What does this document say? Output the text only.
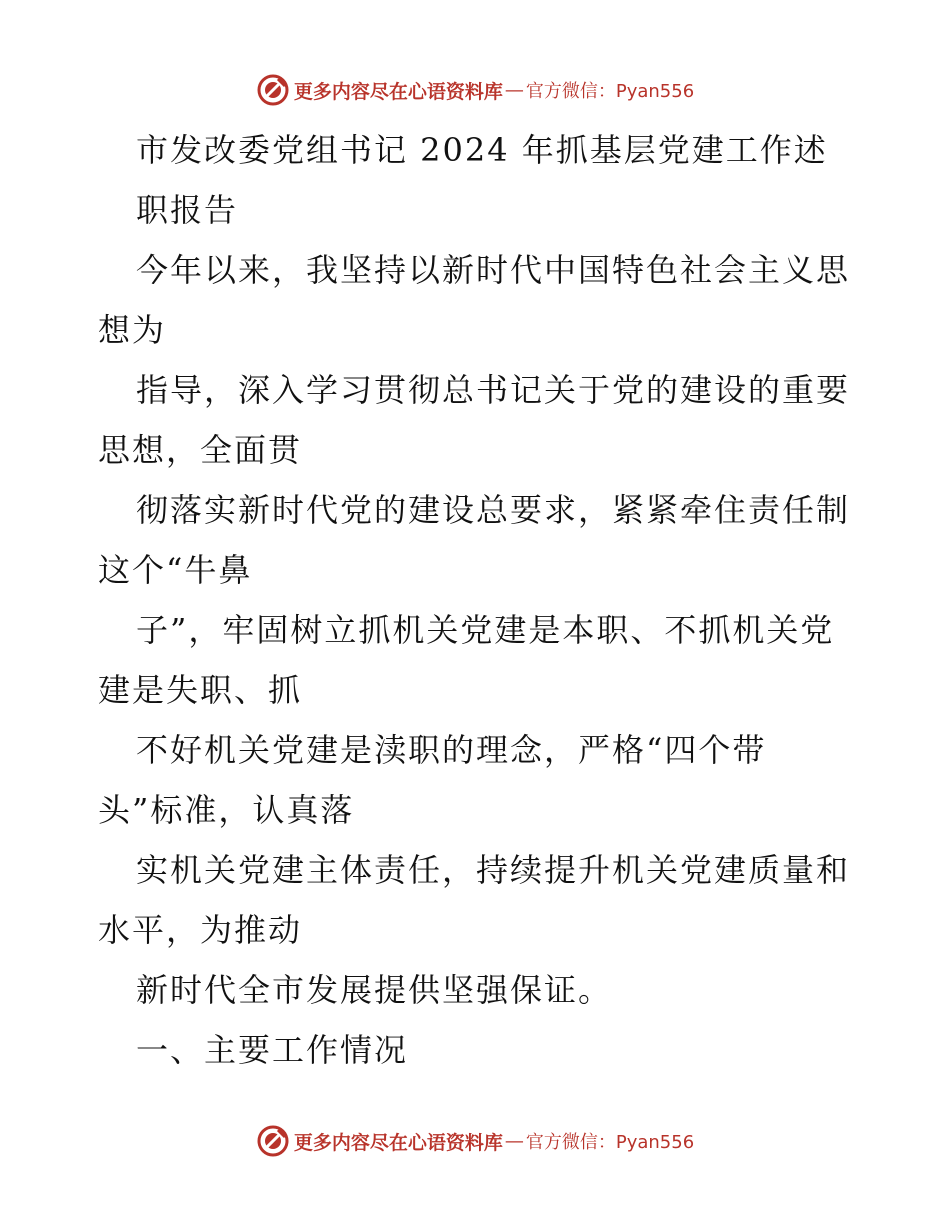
更多内容尽在心语资料库 — 官方微信：Pyan556
市发改委党组书记 2024 年抓基层党建工作述
职报告
今年以来，我坚持以新时代中国特色社会主义思
想为
指导，深入学习贯彻总书记关于党的建设的重要
思想，全面贯
彻落实新时代党的建设总要求，紧紧牵住责任制
这个“牛鼻
子”，牢固树立抓机关党建是本职、不抓机关党
建是失职、抓
不好机关党建是渎职的理念，严格“四个带
头”标准，认真落
实机关党建主体责任，持续提升机关党建质量和
水平，为推动
新时代全市发展提供坚强保证。
一、主要工作情况
更多内容尽在心语资料库 — 官方微信：Pyan556
